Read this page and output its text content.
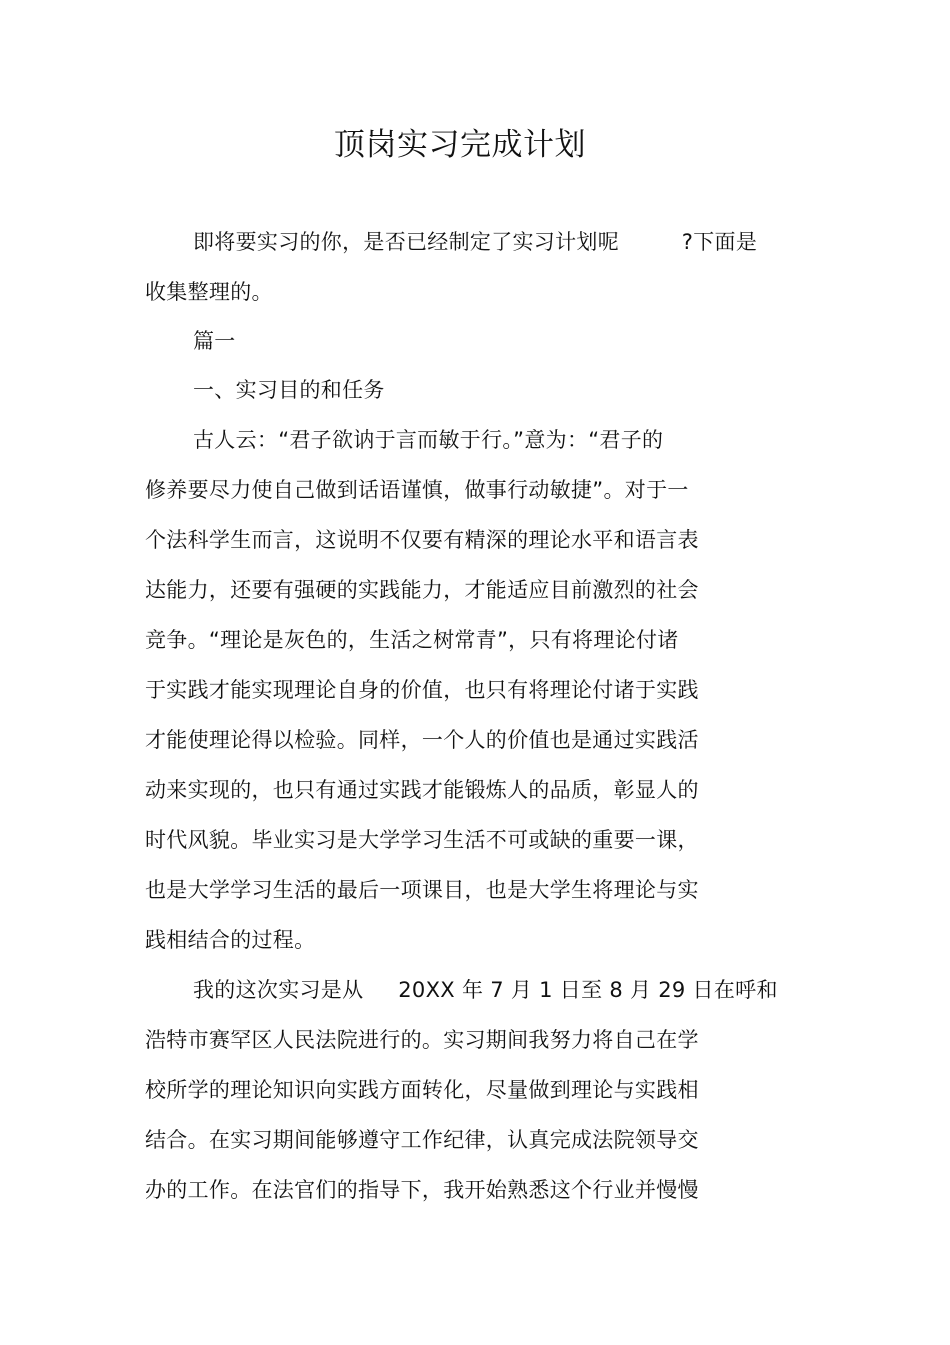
顶岗实习完成计划
即将要实习的你，是否已经制定了实习计划呢         ?下面是
收集整理的。
篇一
一、实习目的和任务
古人云：“君子欲讷于言而敏于行。”意为：“君子的
修养要尽力使自己做到话语谨慎，做事行动敏捷”。对于一
个法科学生而言，这说明不仅要有精深的理论水平和语言表
达能力，还要有强硬的实践能力，才能适应目前激烈的社会
竞争。“理论是灰色的，生活之树常青”，只有将理论付诸
于实践才能实现理论自身的价值，也只有将理论付诸于实践
才能使理论得以检验。同样，一个人的价值也是通过实践活
动来实现的，也只有通过实践才能锻炼人的品质，彰显人的
时代风貌。毕业实习是大学学习生活不可或缺的重要一课，
也是大学学习生活的最后一项课目，也是大学生将理论与实
践相结合的过程。
我的这次实习是从     20XX 年 7 月 1 日至 8 月 29 日在呼和
浩特市赛罕区人民法院进行的。实习期间我努力将自己在学
校所学的理论知识向实践方面转化，尽量做到理论与实践相
结合。在实习期间能够遵守工作纪律，认真完成法院领导交
办的工作。在法官们的指导下，我开始熟悉这个行业并慢慢
